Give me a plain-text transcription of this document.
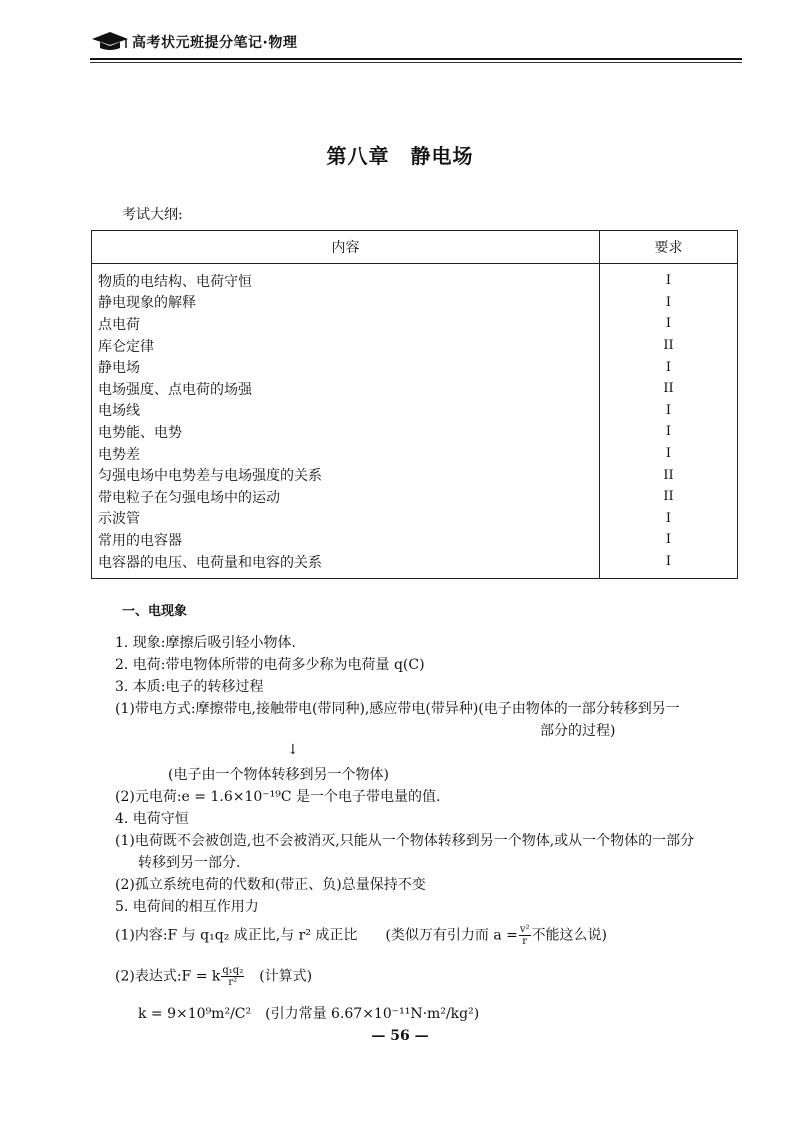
高考状元班提分笔记·物理
第八章　静电场
考试大纲:
内容	要求
物质的电结构、电荷守恒	I
静电现象的解释	I
点电荷	I
库仑定律	II
静电场	I
电场强度、点电荷的场强	II
电场线	I
电势能、电势	I
电势差	I
匀强电场中电势差与电场强度的关系	II
带电粒子在匀强电场中的运动	II
示波管	I
常用的电容器	I
电容器的电压、电荷量和电容的关系	I
一、电现象
1. 现象:摩擦后吸引轻小物体.
2. 电荷:带电物体所带的电荷多少称为电荷量 q(C)
3. 本质:电子的转移过程
(1)带电方式:摩擦带电,接触带电(带同种),感应带电(带异种)(电子由物体的一部分转移到另一
部分的过程)
↓
(电子由一个物体转移到另一个物体)
(2)元电荷:e = 1.6×10⁻¹⁹C 是一个电子带电量的值.
4. 电荷守恒
(1)电荷既不会被创造,也不会被消灭,只能从一个物体转移到另一个物体,或从一个物体的一部分
转移到另一部分.
(2)孤立系统电荷的代数和(带正、负)总量保持不变
5. 电荷间的相互作用力
(1)内容:F 与 q₁q₂ 成正比,与 r² 成正比　　(类似万有引力而 $a = \frac{\text{v²}}{r}$ 不能这么说)
(2)表达式:F = k $\frac{\text{q₁q₂}}{\text{r²}}$ 　(计算式)
k = 9×10⁹m²/C²　(引力常量 6.67×10⁻¹¹N·m²/kg²)
— 56 —
